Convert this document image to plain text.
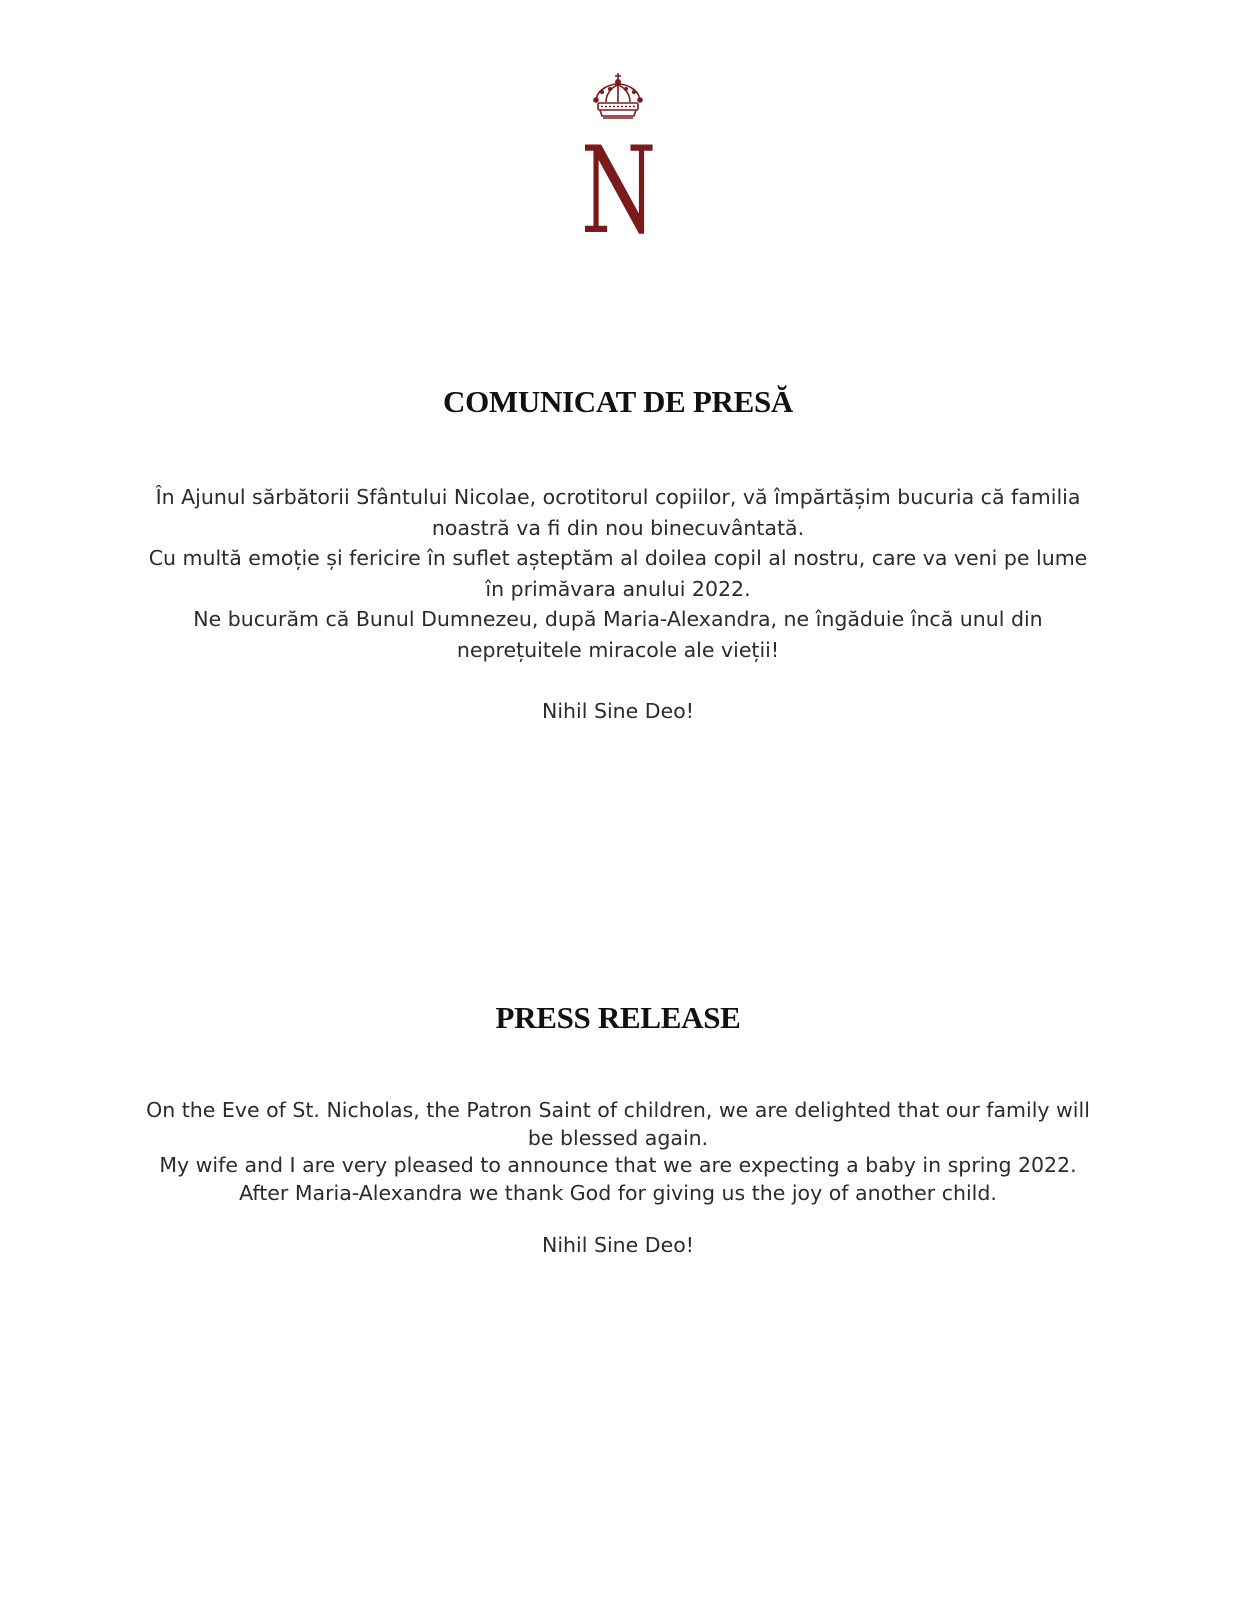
N
COMUNICAT DE PRESĂ

În Ajunul sărbătorii Sfântului Nicolae, ocrotitorul copiilor, vă împărtășim bucuria că familia noastră va fi din nou binecuvântată.

Cu multă emoție și fericire în suflet așteptăm al doilea copil al nostru, care va veni pe lume în primăvara anului 2022.

Ne bucurăm că Bunul Dumnezeu, după Maria-Alexandra, ne îngăduie încă unul din neprețuitele miracole ale vieții!

Nihil Sine Deo!

PRESS RELEASE

On the Eve of St. Nicholas, the Patron Saint of children, we are delighted that our family will be blessed again.

My wife and I are very pleased to announce that we are expecting a baby in spring 2022.

After Maria-Alexandra we thank God for giving us the joy of another child.

Nihil Sine Deo!
